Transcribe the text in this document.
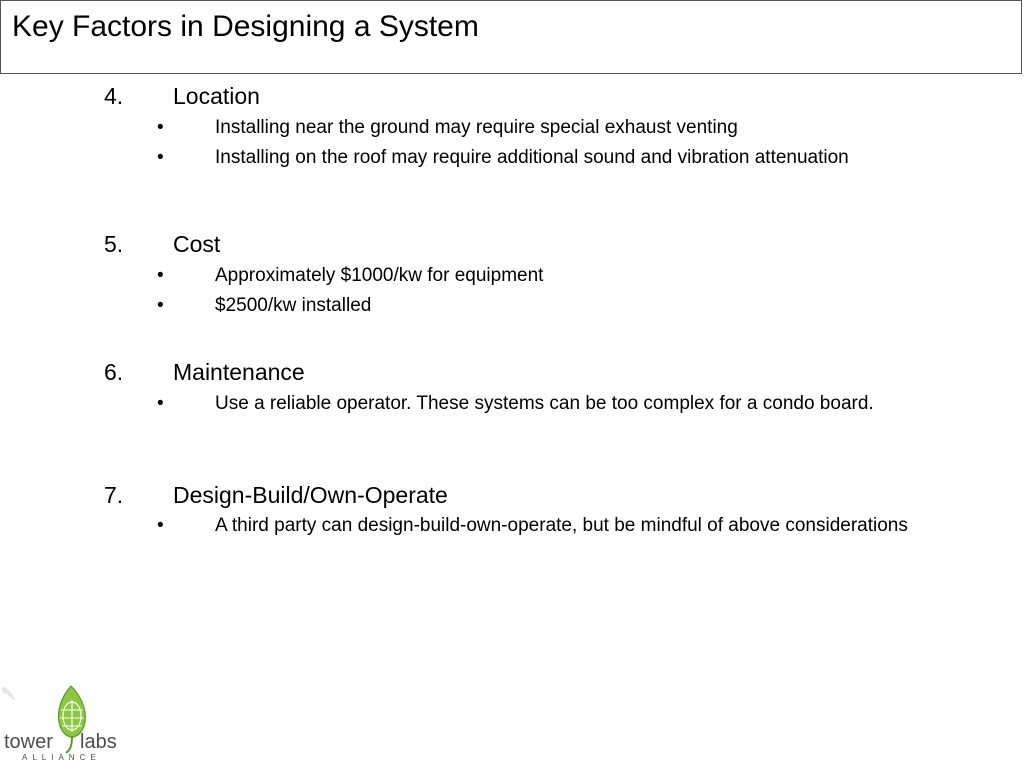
Key Factors in Designing a System
4. Location
•	Installing near the ground may require special exhaust venting
•	Installing on the roof may require additional sound and vibration attenuation
5. Cost
•	Approximately $1000/kw for equipment
•	$2500/kw installed
6. Maintenance
•	Use a reliable operator. These systems can be too complex for a condo board.
7. Design-Build/Own-Operate
•	A third party can design-build-own-operate, but be mindful of above considerations
tower labs
ALLIANCE
